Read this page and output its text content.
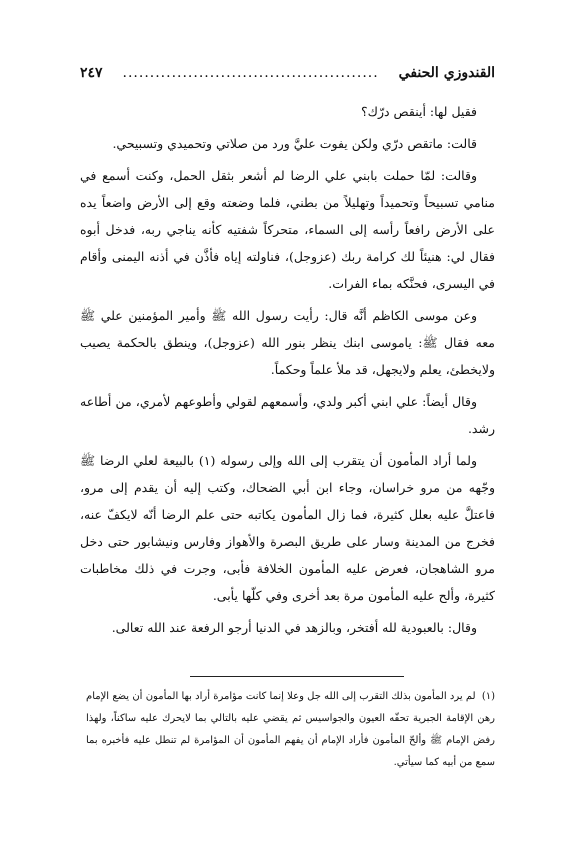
القندوزي الحنفي
...............................................
٢٤٧

فقيل لها: أينقص درّك؟

قالت: ماتقص درّي ولكن يفوت عليَّ ورد من صلاتي وتحميدي وتسبيحي.

وقالت: لمّا حملت بابني علي الرضا لم أشعر بثقل الحمل، وكنت أسمع في منامي تسبيحاً وتحميداً وتهليلاً من بطني، فلما وضعته وقع إلى الأرض واضعاً يده على الأرض رافعاً رأسه إلى السماء، متحركاً شفتيه كأنه يناجي ربه، فدخل أبوه فقال لي: هنيئاً لك كرامة ربك (عزوجل)، فناولته إياه فأذَّن في أذنه اليمنى وأقام في اليسرى، فحنَّكه بماء الفرات.

وعن موسى الكاظم أنَّه قال: رأيت رسول الله ﷺ وأمير المؤمنين علي ﷺ معه فقال ﷺ: ياموسى ابنك ينظر بنور الله (عزوجل)، وينطق بالحكمة يصيب ولايخطئ، يعلم ولايجهل، قد ملأ علماً وحكماً.

وقال أيضاً: علي ابني أكبر ولدي، وأسمعهم لقولي وأطوعهم لأمري، من أطاعه رشد.

ولما أراد المأمون أن يتقرب إلى الله وإلى رسوله (١) بالبيعة لعلي الرضا ﷺ وجّهه من مرو خراسان، وجاء ابن أبي الضحاك، وكتب إليه أن يقدم إلى مرو، فاعتلَّ عليه بعلل كثيرة، فما زال المأمون يكاتبه حتى علم الرضا أنّه لايكفّ عنه، فخرج من المدينة وسار على طريق البصرة والأهواز وفارس ونيشابور حتى دخل مرو الشاهجان، فعرض عليه المأمون الخلافة فأبى، وجرت في ذلك مخاطبات كثيرة، وألح عليه المأمون مرة بعد أخرى وفي كلّها يأبى.

وقال: بالعبودية لله أفتخر، وبالزهد في الدنيا أرجو الرفعة عند الله تعالى.

(١) لم يرد المأمون بذلك التقرب إلى الله جل وعلا إنما كانت مؤامرة أراد بها المأمون أن يضع الإمام رهن الإقامة الجبرية تحفّه العيون والجواسيس ثم يقضي عليه بالتالي بما لايحرك عليه ساكناً، ولهذا رفض الإمام ﷺ وألحّ المأمون فأراد الإمام أن يفهم المأمون أن المؤامرة لم تنطل عليه فأخبره بما سمع من أبيه كما سيأتي.
